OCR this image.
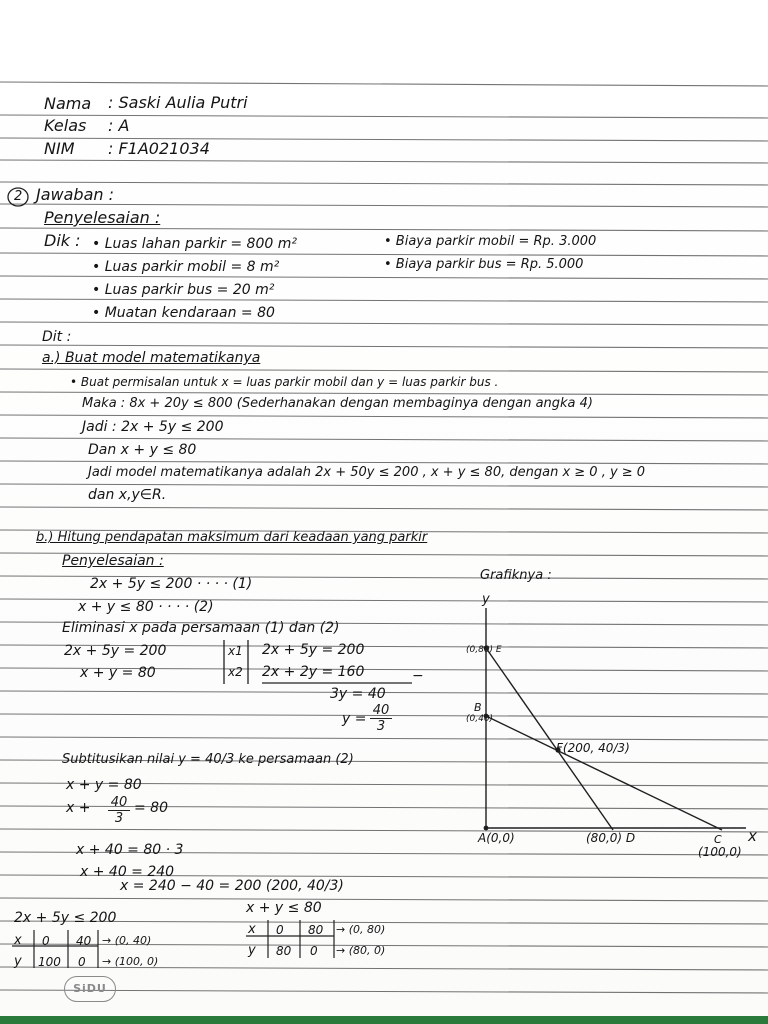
Nama : Saski Aulia Putri
Kelas : A
NIM : F1A021034
2 Jawaban :
Penyelesaian :
Dik : • Luas lahan parkir = 800 m²
• Luas parkir mobil = 8 m²
• Luas parkir bus = 20 m²
• Muatan kendaraan = 80
• Biaya parkir mobil = Rp. 3.000
• Biaya parkir bus = Rp. 5.000
Dit :
a.) Buat model matematikanya
• Buat permisalan untuk x = luas parkir mobil dan y = luas parkir bus .
Maka : 8x + 20y ≤ 800 (Sederhanakan dengan membaginya dengan angka 4)
Jadi : 2x + 5y ≤ 200
Dan x + y ≤ 80
Jadi model matematikanya adalah 2x + 50y ≤ 200 , x + y ≤ 80, dengan x ≥ 0 , y ≥ 0
dan x,y∈R.
b.) Hitung pendapatan maksimum dari keadaan yang parkir
Penyelesaian :
2x + 5y ≤ 200 · · · · (1)
x + y ≤ 80 · · · · (2)
Eliminasi x pada persamaan (1) dan (2)
2x + 5y = 200
x + y = 80
x1
x2
2x + 5y = 200
2x + 2y = 160	−
3y = 40
y =
40
3
Subtitusikan nilai y = 40/3 ke persamaan (2)
x + y = 80
x + 40
3
= 80
x + 40 = 80 · 3
x + 40 = 240
x = 240 − 40 = 200 (200, 40/3)
2x + 5y ≤ 200
x 0 40 → (0, 40)
y 100 0 → (100, 0)
x + y ≤ 80
x 0 80 → (0, 80)
y 80 0 → (80, 0)
Grafiknya :
y
x
(0,80) E
B
(0,40)
F(200, 40/3)
A(0,0)	(80,0) D	C
(100,0)
SiDU
